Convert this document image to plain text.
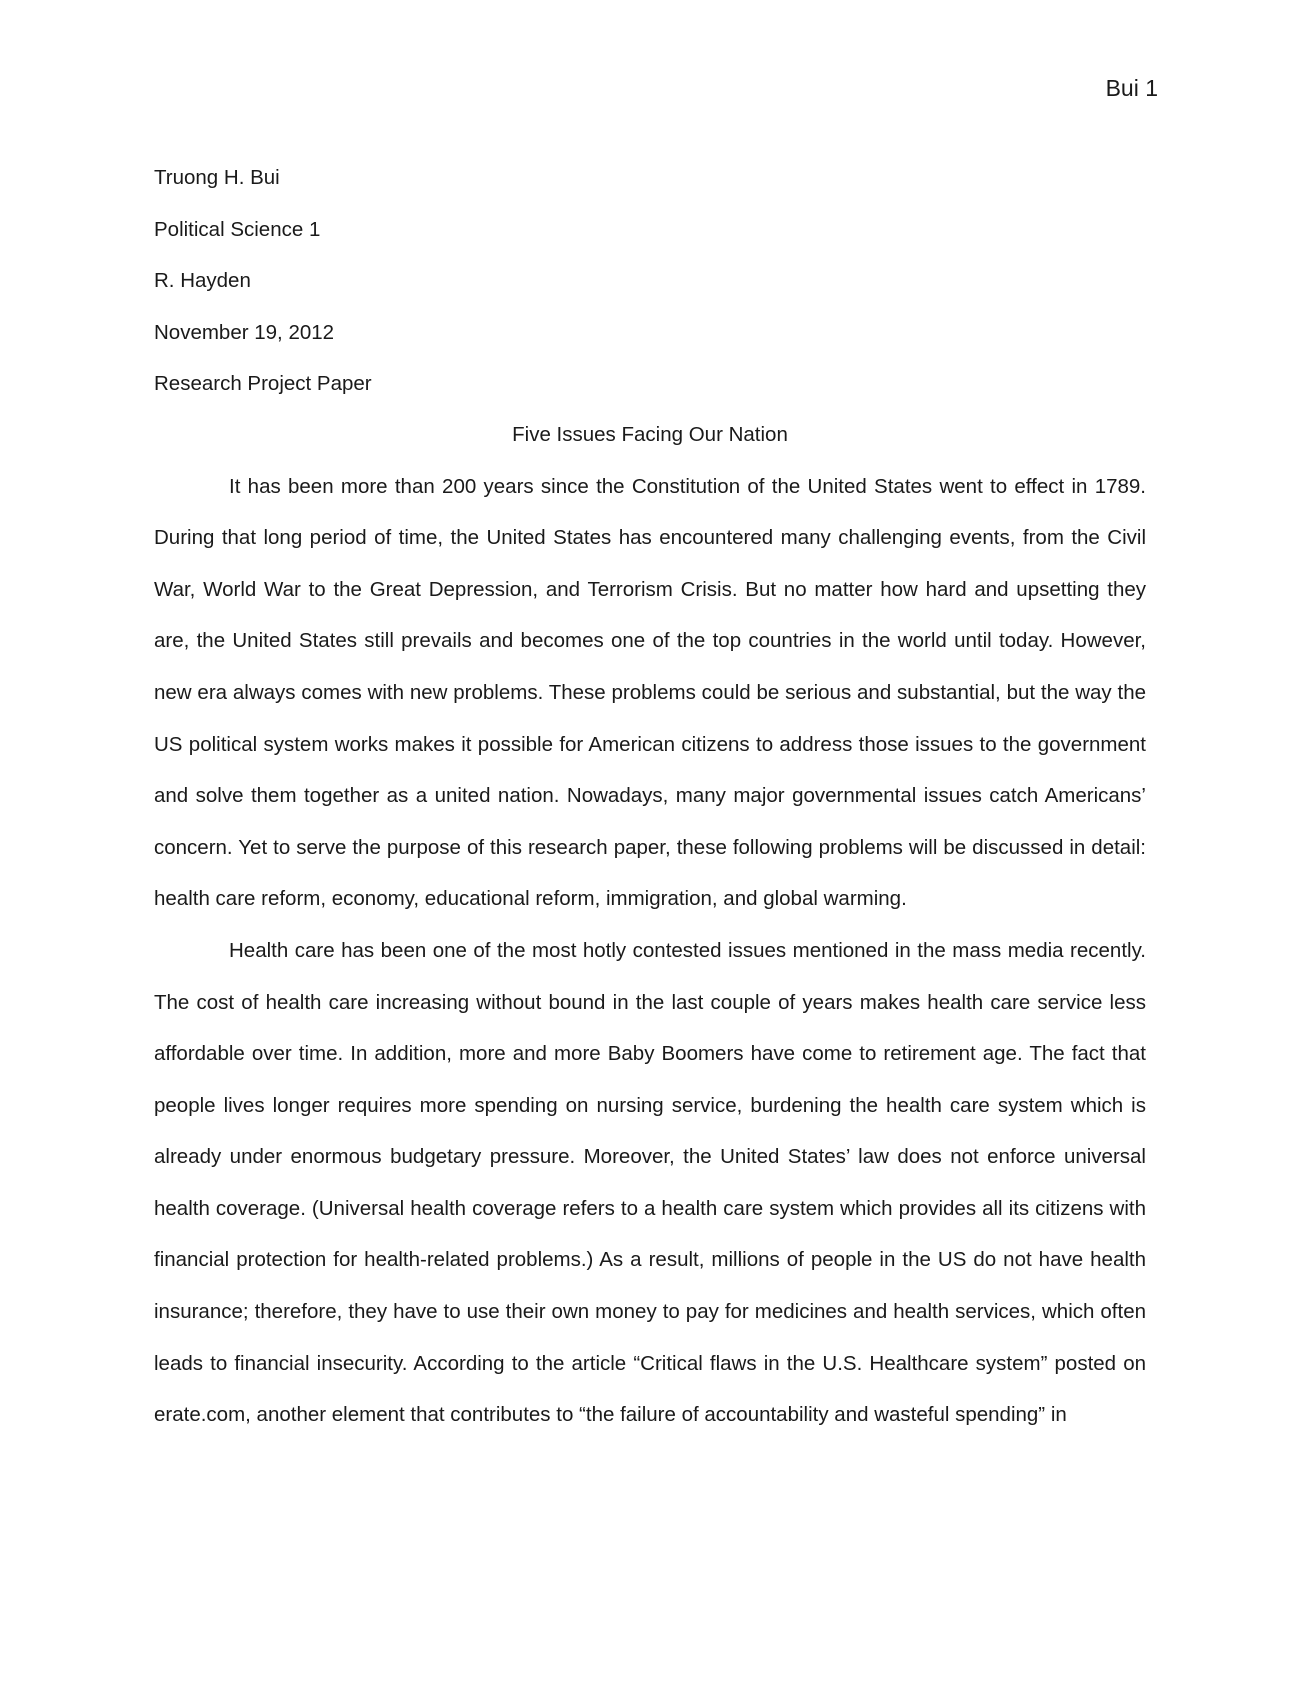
Bui 1
Truong H. Bui
Political Science 1
R. Hayden
November 19, 2012
Research Project Paper
Five Issues Facing Our Nation

It has been more than 200 years since the Constitution of the United States went to effect in 1789. During that long period of time, the United States has encountered many challenging events, from the Civil War, World War to the Great Depression, and Terrorism Crisis. But no matter how hard and upsetting they are, the United States still prevails and becomes one of the top countries in the world until today. However, new era always comes with new problems. These problems could be serious and substantial, but the way the US political system works makes it possible for American citizens to address those issues to the government and solve them together as a united nation. Nowadays, many major governmental issues catch Americans’ concern. Yet to serve the purpose of this research paper, these following problems will be discussed in detail: health care reform, economy, educational reform, immigration, and global warming.

Health care has been one of the most hotly contested issues mentioned in the mass media recently. The cost of health care increasing without bound in the last couple of years makes health care service less affordable over time. In addition, more and more Baby Boomers have come to retirement age. The fact that people lives longer requires more spending on nursing service, burdening the health care system which is already under enormous budgetary pressure. Moreover, the United States’ law does not enforce universal health coverage. (Universal health coverage refers to a health care system which provides all its citizens with financial protection for health-related problems.) As a result, millions of people in the US do not have health insurance; therefore, they have to use their own money to pay for medicines and health services, which often leads to financial insecurity. According to the article “Critical flaws in the U.S. Healthcare system” posted on erate.com, another element that contributes to “the failure of accountability and wasteful spending” in
